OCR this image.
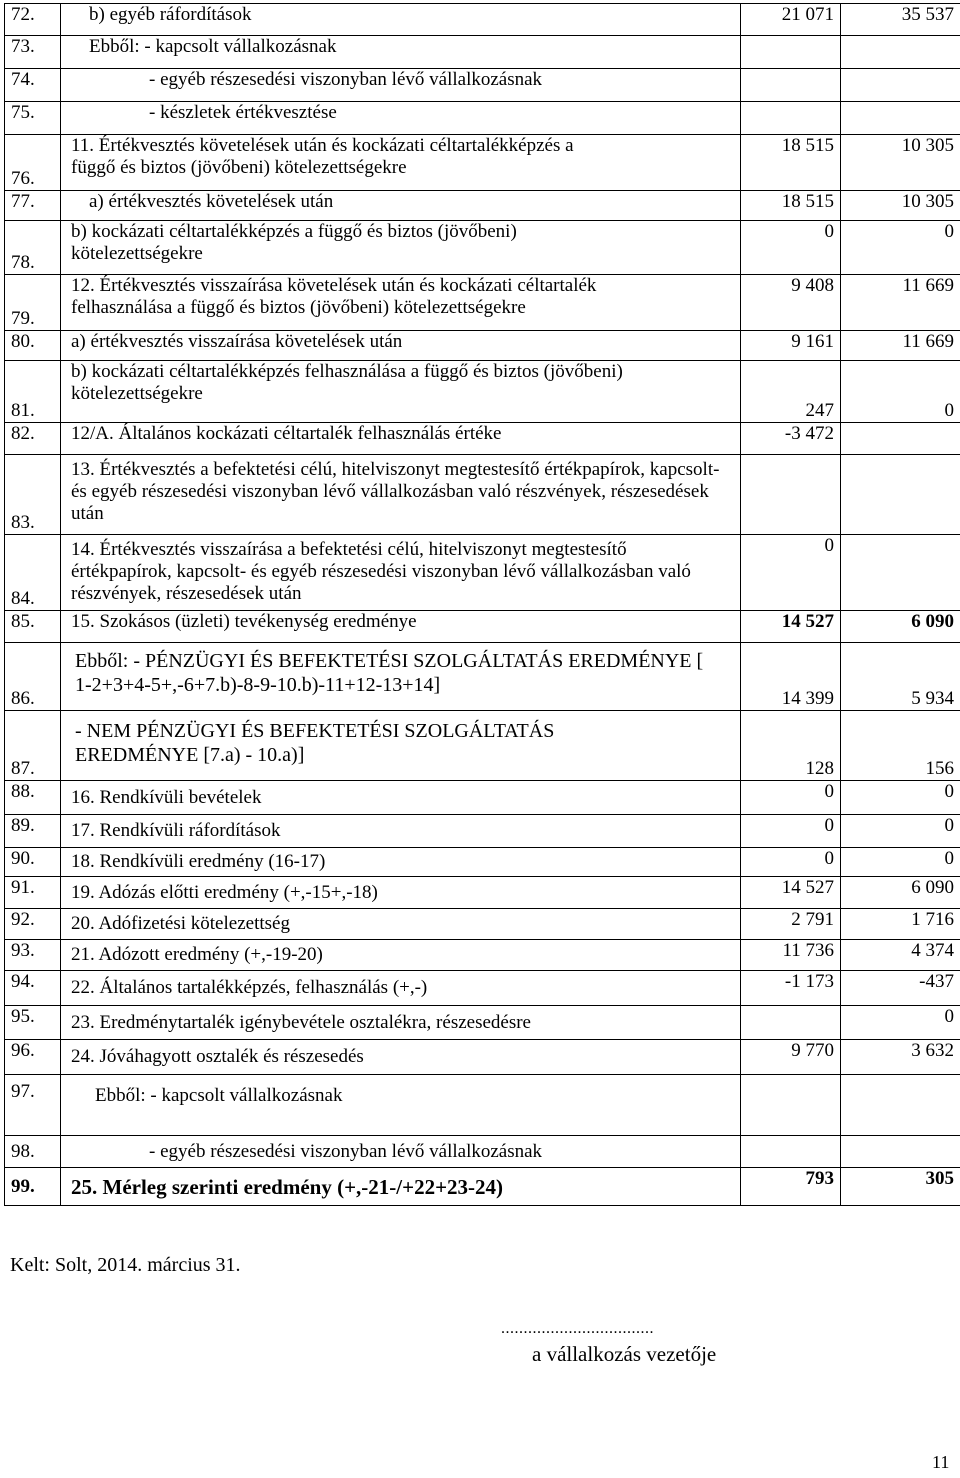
72.	b) egyéb ráfordítások	21 071	35 537
73.	Ebből: - kapcsolt vállalkozásnak		
74.	- egyéb részesedési viszonyban lévő vállalkozásnak		
75.	- készletek értékvesztése		
76.	11. Értékvesztés követelések után és kockázati céltartalékképzés a függő és biztos (jövőbeni) kötelezettségekre	18 515	10 305
77.	a) értékvesztés követelések után	18 515	10 305
78.	b) kockázati céltartalékképzés a függő és biztos (jövőbeni) kötelezettségekre	0	0
79.	12. Értékvesztés visszaírása követelések után és kockázati céltartalék felhasználása a függő és biztos (jövőbeni) kötelezettségekre	9 408	11 669
80.	a) értékvesztés visszaírása követelések után	9 161	11 669
81.	b) kockázati céltartalékképzés felhasználása a függő és biztos (jövőbeni) kötelezettségekre	247	0
82.	12/A. Általános kockázati céltartalék felhasználás értéke	-3 472	
83.	13. Értékvesztés a befektetési célú, hitelviszonyt megtestesítő értékpapírok, kapcsolt- és egyéb részesedési viszonyban lévő vállalkozásban való részvények, részesedések után		
84.	14. Értékvesztés visszaírása a befektetési célú, hitelviszonyt megtestesítő értékpapírok, kapcsolt- és egyéb részesedési viszonyban lévő vállalkozásban való részvények, részesedések után	0	
85.	15. Szokásos (üzleti) tevékenység eredménye	14 527	6 090
86.	Ebből: - PÉNZÜGYI ÉS BEFEKTETÉSI SZOLGÁLTATÁS EREDMÉNYE [ 1-2+3+4-5+,-6+7.b)-8-9-10.b)-11+12-13+14]	14 399	5 934
87.	- NEM PÉNZÜGYI ÉS BEFEKTETÉSI SZOLGÁLTATÁS EREDMÉNYE [7.a) - 10.a)]	128	156
88.	16. Rendkívüli bevételek	0	0
89.	17. Rendkívüli ráfordítások	0	0
90.	18. Rendkívüli eredmény (16-17)	0	0
91.	19. Adózás előtti eredmény (+,-15+,-18)	14 527	6 090
92.	20. Adófizetési kötelezettség	2 791	1 716
93.	21. Adózott eredmény (+,-19-20)	11 736	4 374
94.	22. Általános tartalékképzés, felhasználás (+,-)	-1 173	-437
95.	23. Eredménytartalék igénybevétele osztalékra, részesedésre		0
96.	24. Jóváhagyott osztalék és részesedés	9 770	3 632
97.	Ebből: - kapcsolt vállalkozásnak		
98.	- egyéb részesedési viszonyban lévő vállalkozásnak		
99.	25. Mérleg szerinti eredmény (+,-21-/+22+23-24)	793	305
Kelt: Solt, 2014. március 31.
..................................
a vállalkozás vezetője
11
